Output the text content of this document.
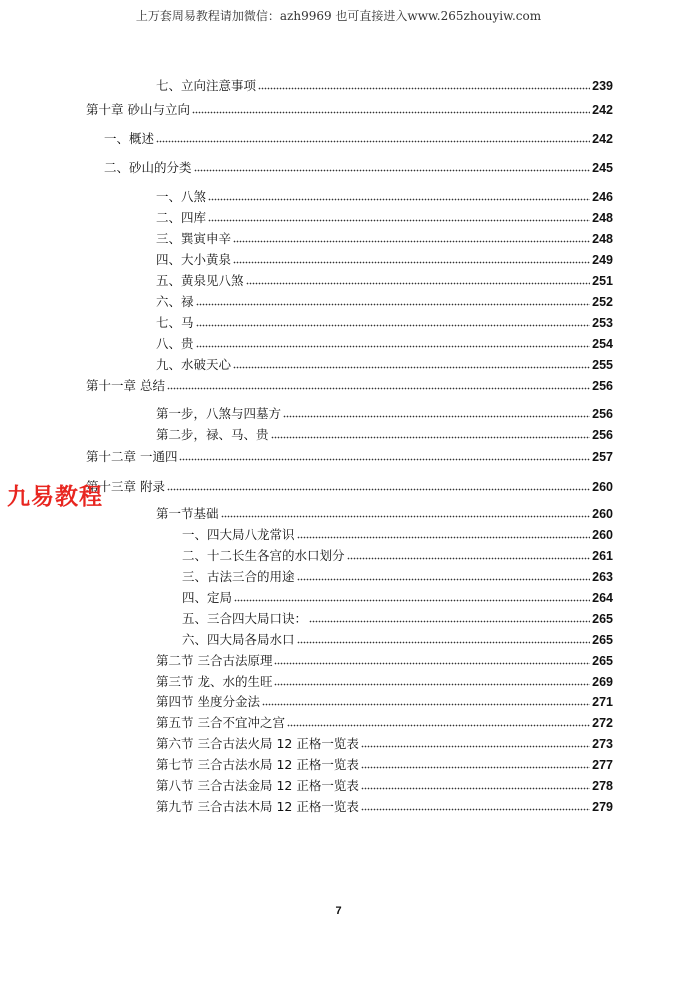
上万套周易教程请加微信：azh9969 也可直接进入www.265zhouyiw.com
七、立向注意事项	239
第十章 砂山与立向	242
一、概述	242
二、砂山的分类	245
一、八煞	246
二、四库	248
三、巽寅申辛	248
四、大小黄泉	249
五、黄泉见八煞	251
六、禄	252
七、马	253
八、贵	254
九、水破天心	255
第十一章 总结	256
第一步，八煞与四墓方	256
第二步，禄、马、贵	256
第十二章 一通四	257
第十三章 附录	260
第一节基础	260
一、四大局八龙常识	260
二、十二长生各宫的水口划分	261
三、古法三合的用途	263
四、定局	264
五、三合四大局口诀：	265
六、四大局各局水口	265
第二节 三合古法原理	265
第三节 龙、水的生旺	269
第四节 坐度分金法	271
第五节 三合不宜冲之宫	272
第六节 三合古法火局 12 正格一览表	273
第七节 三合古法水局 12 正格一览表	277
第八节 三合古法金局 12 正格一览表	278
第九节 三合古法木局 12 正格一览表	279
九易教程
7
